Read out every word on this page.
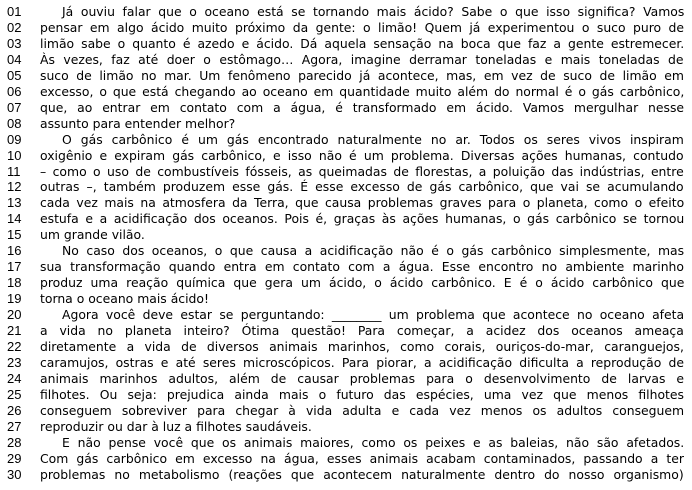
01	Já ouviu falar que o oceano está se tornando mais ácido? Sabe o que isso significa? Vamos
02	pensar em algo ácido muito próximo da gente: o limão! Quem já experimentou o suco puro de
03	limão sabe o quanto é azedo e ácido. Dá aquela sensação na boca que faz a gente estremecer.
04	Às vezes, faz até doer o estômago… Agora, imagine derramar toneladas e mais toneladas de
05	suco de limão no mar. Um fenômeno parecido já acontece, mas, em vez de suco de limão em
06	excesso, o que está chegando ao oceano em quantidade muito além do normal é o gás carbônico,
07	que, ao entrar em contato com a água, é transformado em ácido. Vamos mergulhar nesse
08	assunto para entender melhor?
09	O gás carbônico é um gás encontrado naturalmente no ar. Todos os seres vivos inspiram
10	oxigênio e expiram gás carbônico, e isso não é um problema. Diversas ações humanas, contudo
11	– como o uso de combustíveis fósseis, as queimadas de florestas, a poluição das indústrias, entre
12	outras –, também produzem esse gás. É esse excesso de gás carbônico, que vai se acumulando
13	cada vez mais na atmosfera da Terra, que causa problemas graves para o planeta, como o efeito
14	estufa e a acidificação dos oceanos. Pois é, graças às ações humanas, o gás carbônico se tornou
15	um grande vilão.
16	No caso dos oceanos, o que causa a acidificação não é o gás carbônico simplesmente, mas
17	sua transformação quando entra em contato com a água. Esse encontro no ambiente marinho
18	produz uma reação química que gera um ácido, o ácido carbônico. E é o ácido carbônico que
19	torna o oceano mais ácido!
20	Agora você deve estar se perguntando: ________ um problema que acontece no oceano afeta
21	a vida no planeta inteiro? Ótima questão! Para começar, a acidez dos oceanos ameaça
22	diretamente a vida de diversos animais marinhos, como corais, ouriços-do-mar, caranguejos,
23	caramujos, ostras e até seres microscópicos. Para piorar, a acidificação dificulta a reprodução de
24	animais marinhos adultos, além de causar problemas para o desenvolvimento de larvas e
25	filhotes. Ou seja: prejudica ainda mais o futuro das espécies, uma vez que menos filhotes
26	conseguem sobreviver para chegar à vida adulta e cada vez menos os adultos conseguem
27	reproduzir ou dar à luz a filhotes saudáveis.
28	E não pense você que os animais maiores, como os peixes e as baleias, não são afetados.
29	Com gás carbônico em excesso na água, esses animais acabam contaminados, passando a ter
30	problemas no metabolismo (reações que acontecem naturalmente dentro do nosso organismo)
